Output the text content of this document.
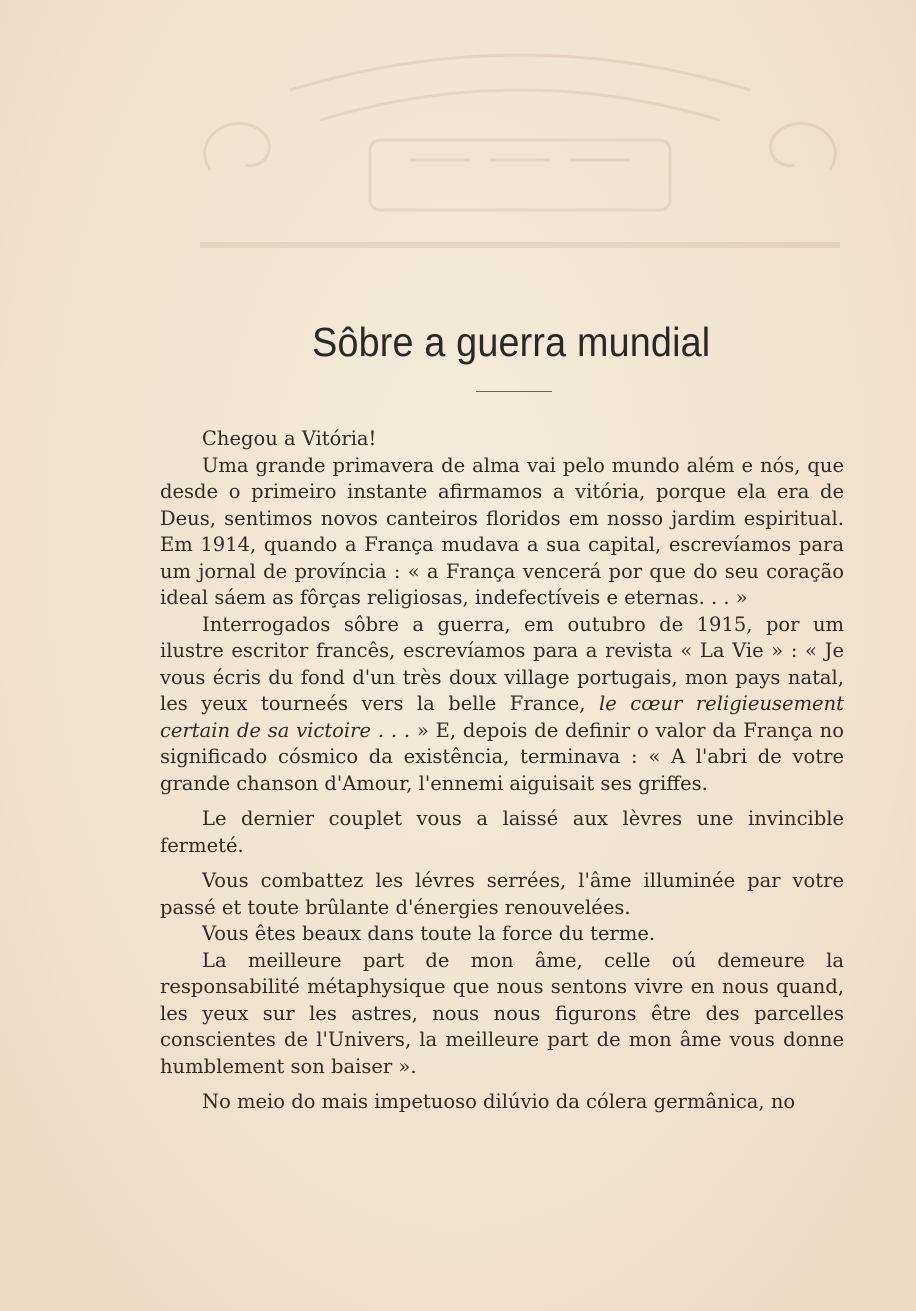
Sôbre a guerra mundial

Chegou a Vitória!

Uma grande primavera de alma vai pelo mundo além e nós, que desde o primeiro instante afirmamos a vitória, porque ela era de Deus, sentimos novos canteiros floridos em nosso jardim espiritual. Em 1914, quando a França mudava a sua capital, escrevíamos para um jornal de província : « a França vencerá por que do seu coração ideal sáem as fôrças religiosas, indefectíveis e eternas. . . »

Interrogados sôbre a guerra, em outubro de 1915, por um ilustre escritor francês, escrevíamos para a revista « La Vie » : « Je vous écris du fond d'un très doux village portugais, mon pays natal, les yeux tourneés vers la belle France, le cœur religieusement certain de sa victoire . . . » E, depois de definir o valor da França no significado cósmico da existência, terminava : « A l'abri de votre grande chanson d'Amour, l'ennemi aiguisait ses griffes.

Le dernier couplet vous a laissé aux lèvres une invincible fermeté.

Vous combattez les lévres serrées, l'âme illuminée par votre passé et toute brûlante d'énergies renouvelées.

Vous êtes beaux dans toute la force du terme.

La meilleure part de mon âme, celle oú demeure la responsabilité métaphysique que nous sentons vivre en nous quand, les yeux sur les astres, nous nous figurons être des parcelles conscientes de l'Univers, la meilleure part de mon âme vous donne humblement son baiser ».

No meio do mais impetuoso dilúvio da cólera germânica, no
